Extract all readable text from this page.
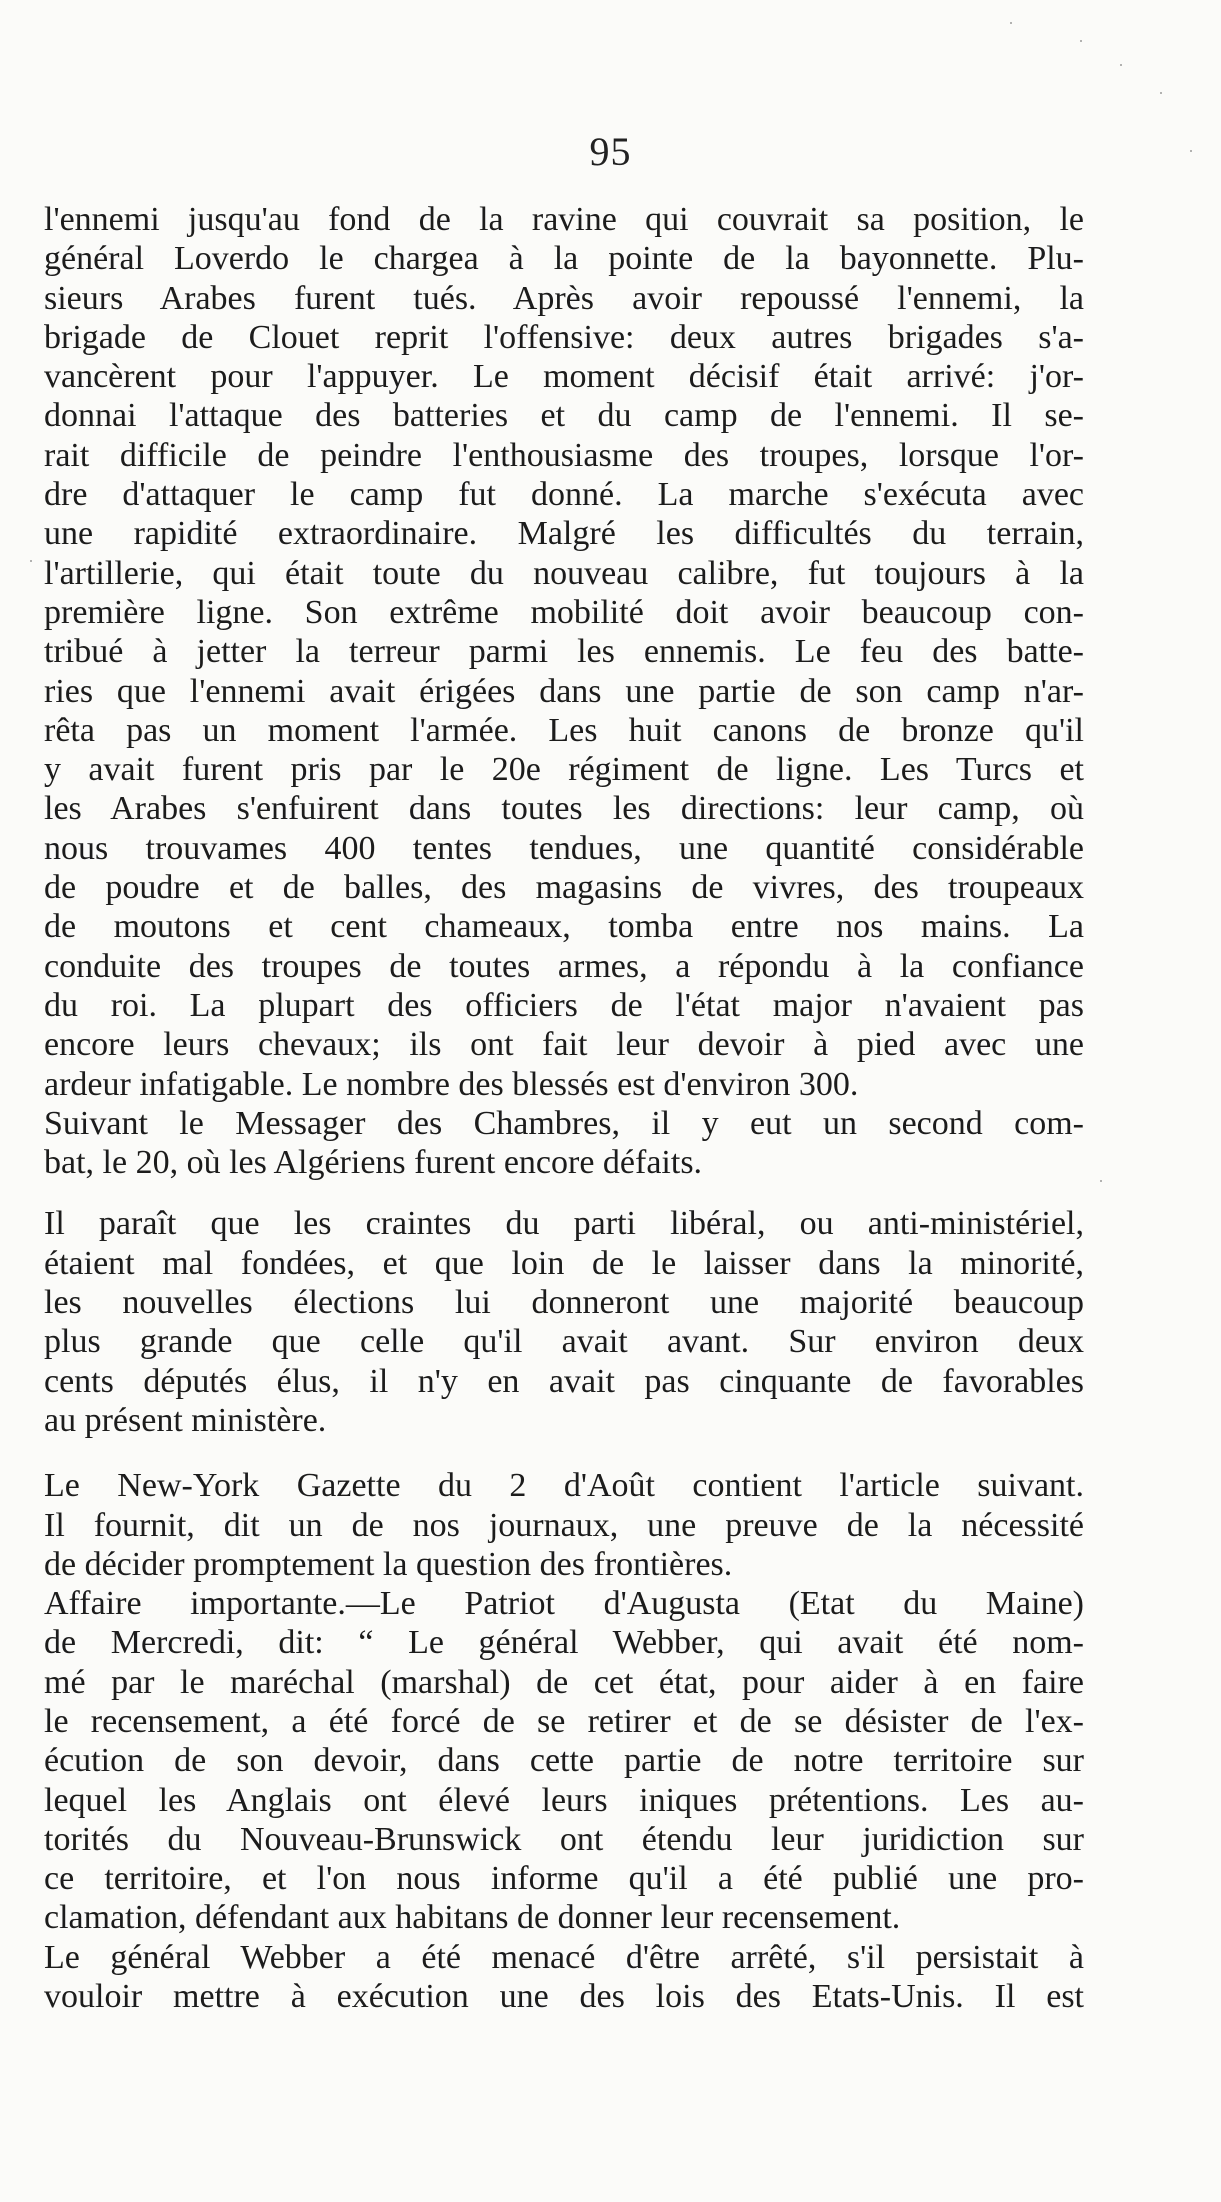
95
l'ennemi jusqu'au fond de la ravine qui couvrait sa position, le
général Loverdo le chargea à la pointe de la bayonnette. Plu-
sieurs Arabes furent tués. Après avoir repoussé l'ennemi, la
brigade de Clouet reprit l'offensive: deux autres brigades s'a-
vancèrent pour l'appuyer. Le moment décisif était arrivé: j'or-
donnai l'attaque des batteries et du camp de l'ennemi. Il se-
rait difficile de peindre l'enthousiasme des troupes, lorsque l'or-
dre d'attaquer le camp fut donné. La marche s'exécuta avec
une rapidité extraordinaire. Malgré les difficultés du terrain,
l'artillerie, qui était toute du nouveau calibre, fut toujours à la
première ligne. Son extrême mobilité doit avoir beaucoup con-
tribué à jetter la terreur parmi les ennemis. Le feu des batte-
ries que l'ennemi avait érigées dans une partie de son camp n'ar-
rêta pas un moment l'armée. Les huit canons de bronze qu'il
y avait furent pris par le 20e régiment de ligne. Les Turcs et
les Arabes s'enfuirent dans toutes les directions: leur camp, où
nous trouvames 400 tentes tendues, une quantité considérable
de poudre et de balles, des magasins de vivres, des troupeaux
de moutons et cent chameaux, tomba entre nos mains. La
conduite des troupes de toutes armes, a répondu à la confiance
du roi. La plupart des officiers de l'état major n'avaient pas
encore leurs chevaux; ils ont fait leur devoir à pied avec une
ardeur infatigable. Le nombre des blessés est d'environ 300.
Suivant le Messager des Chambres, il y eut un second com-
bat, le 20, où les Algériens furent encore défaits.
Il paraît que les craintes du parti libéral, ou anti-ministériel,
étaient mal fondées, et que loin de le laisser dans la minorité,
les nouvelles élections lui donneront une majorité beaucoup
plus grande que celle qu'il avait avant. Sur environ deux
cents députés élus, il n'y en avait pas cinquante de favorables
au présent ministère.
Le New-York Gazette du 2 d'Août contient l'article suivant.
Il fournit, dit un de nos journaux, une preuve de la nécessité
de décider promptement la question des frontières.
Affaire importante.—Le Patriot d'Augusta (Etat du Maine)
de Mercredi, dit: “ Le général Webber, qui avait été nom-
mé par le maréchal (marshal) de cet état, pour aider à en faire
le recensement, a été forcé de se retirer et de se désister de l'ex-
écution de son devoir, dans cette partie de notre territoire sur
lequel les Anglais ont élevé leurs iniques prétentions. Les au-
torités du Nouveau-Brunswick ont étendu leur juridiction sur
ce territoire, et l'on nous informe qu'il a été publié une pro-
clamation, défendant aux habitans de donner leur recensement.
Le général Webber a été menacé d'être arrêté, s'il persistait à
vouloir mettre à exécution une des lois des Etats-Unis. Il est
